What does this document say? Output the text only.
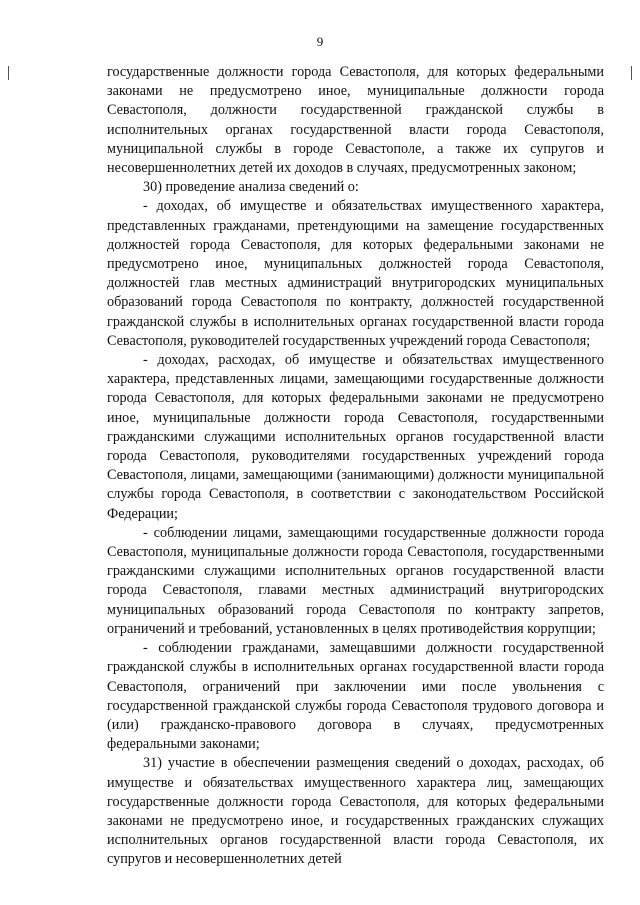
9

государственные должности города Севастополя, для которых федеральными законами не предусмотрено иное, муниципальные должности города Севастополя, должности государственной гражданской службы в исполнительных органах государственной власти города Севастополя, муниципальной службы в городе Севастополе, а также их супругов и несовершеннолетних детей их доходов в случаях, предусмотренных законом;

30) проведение анализа сведений о:

- доходах, об имуществе и обязательствах имущественного характера, представленных гражданами, претендующими на замещение государственных должностей города Севастополя, для которых федеральными законами не предусмотрено иное, муниципальных должностей города Севастополя, должностей глав местных администраций внутригородских муниципальных образований города Севастополя по контракту, должностей государственной гражданской службы в исполнительных органах государственной власти города Севастополя, руководителей государственных учреждений города Севастополя;

- доходах, расходах, об имуществе и обязательствах имущественного характера, представленных лицами, замещающими государственные должности города Севастополя, для которых федеральными законами не предусмотрено иное, муниципальные должности города Севастополя, государственными гражданскими служащими исполнительных органов государственной власти города Севастополя, руководителями государственных учреждений города Севастополя, лицами, замещающими (занимающими) должности муниципальной службы города Севастополя, в соответствии с законодательством Российской Федерации;

- соблюдении лицами, замещающими государственные должности города Севастополя, муниципальные должности города Севастополя, государственными гражданскими служащими исполнительных органов государственной власти города Севастополя, главами местных администраций внутригородских муниципальных образований города Севастополя по контракту запретов, ограничений и требований, установленных в целях противодействия коррупции;

- соблюдении гражданами, замещавшими должности государственной гражданской службы в исполнительных органах государственной власти города Севастополя, ограничений при заключении ими после увольнения с государственной гражданской службы города Севастополя трудового договора и (или) гражданско-правового договора в случаях, предусмотренных федеральными законами;

31) участие в обеспечении размещения сведений о доходах, расходах, об имуществе и обязательствах имущественного характера лиц, замещающих государственные должности города Севастополя, для которых федеральными законами не предусмотрено иное, и государственных гражданских служащих исполнительных органов государственной власти города Севастополя, их супругов и несовершеннолетних детей
